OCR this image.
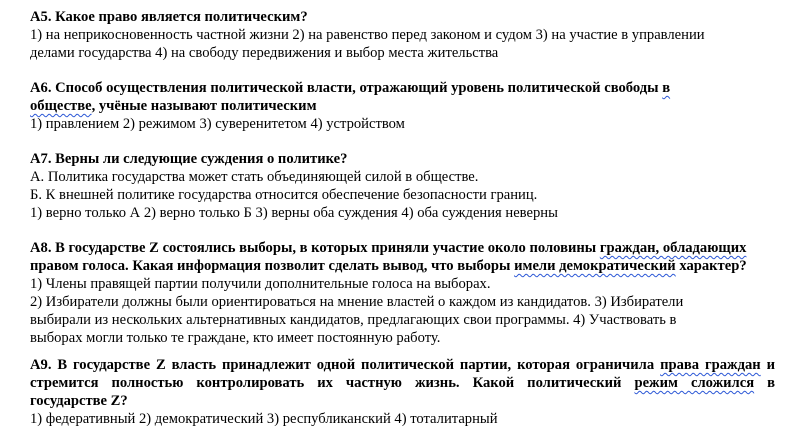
А5. Какое право является политическим?
1) на неприкосновенность частной жизни 2) на равенство перед законом и судом 3) на участие в управлении
делами государства 4) на свободу передвижения и выбор места жительства
А6. Способ осуществления политической власти, отражающий уровень политической свободы в
обществе, учёные называют политическим
1) правлением 2) режимом 3) суверенитетом 4) устройством
А7. Верны ли следующие суждения о политике?
А. Политика государства может стать объединяющей силой в обществе.
Б. К внешней политике государства относится обеспечение безопасности границ.
1) верно только А 2) верно только Б 3) верны оба суждения 4) оба суждения неверны
А8. В государстве Z состоялись выборы, в которых приняли участие около половины граждан, обладающих
правом голоса. Какая информация позволит сделать вывод, что выборы имели демократический характер?
1) Члены правящей партии получили дополнительные голоса на выборах.
2) Избиратели должны были ориентироваться на мнение властей о каждом из кандидатов. 3) Избиратели
выбирали из нескольких альтернативных кандидатов, предлагающих свои программы. 4) Участвовать в
выборах могли только те граждане, кто имеет постоянную работу.
А9. В государстве Z власть принадлежит одной политической партии, которая ограничила права граждан и
стремится полностью контролировать их частную жизнь. Какой политический режим сложился в
государстве Z?
1) федеративный 2) демократический 3) республиканский 4) тоталитарный
